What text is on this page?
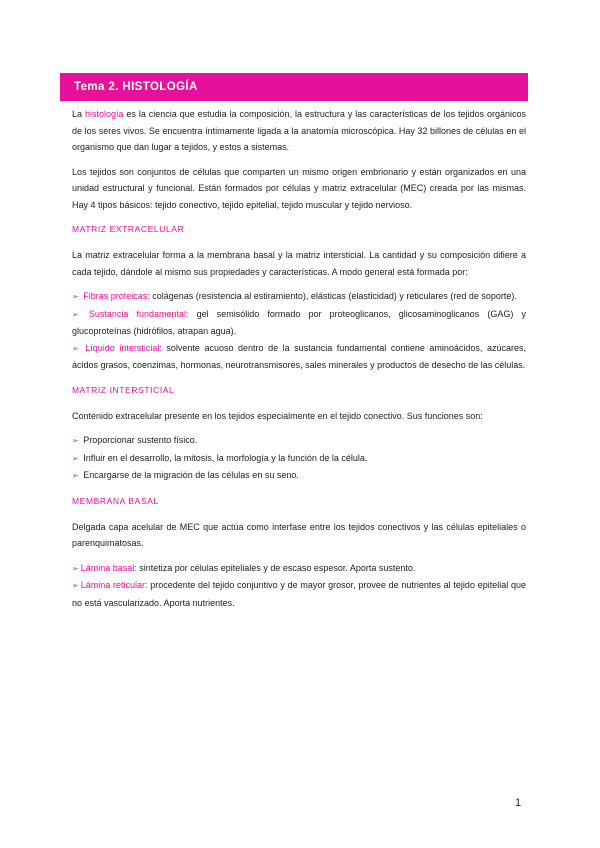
Tema 2. HISTOLOGÍA

La histología es la ciencia que estudia la composición, la estructura y las características de los tejidos orgánicos de los seres vivos. Se encuentra íntimamente ligada a la anatomía microscópica. Hay 32 billones de células en el organismo que dan lugar a tejidos, y estos a sistemas.

Los tejidos son conjuntos de células que comparten un mismo origen embrionario y están organizados en una unidad estructural y funcional. Están formados por células y matriz extracelular (MEC) creada por las mismas. Hay 4 tipos básicos: tejido conectivo, tejido epitelial, tejido muscular y tejido nervioso.

MATRIZ EXTRACELULAR

La matriz extracelular forma a la membrana basal y la matriz intersticial. La cantidad y su composición difiere a cada tejido, dándole al mismo sus propiedades y características. A modo general está formada por:

➢ Fibras proteicas: colágenas (resistencia al estiramiento), elásticas (elasticidad) y reticulares (red de soporte).

➢ Sustancia fundamental: gel semisólido formado por proteoglicanos, glicosaminoglicanos (GAG) y glucoproteínas (hidrófilos, atrapan agua).

➢ Líquido intersticial: solvente acuoso dentro de la sustancia fundamental contiene aminoácidos, azúcares, ácidos grasos, coenzimas, hormonas, neurotransmisores, sales minerales y productos de desecho de las células.

MATRIZ INTERSTICIAL

Contenido extracelular presente en los tejidos especialmente en el tejido conectivo. Sus funciones son:

➢ Proporcionar sustento físico.

➢ Influir en el desarrollo, la mitosis, la morfología y la función de la célula.

➢ Encargarse de la migración de las células en su seno.

MEMBRANA BASAL

Delgada capa acelular de MEC que actúa como interfase entre los tejidos conectivos y las células epiteliales o parenquimatosas.

➢ Lámina basal: sintetiza por células epiteliales y de escaso espesor. Aporta sustento.

➢ Lámina reticular: procedente del tejido conjuntivo y de mayor grosor, provee de nutrientes al tejido epitelial que no está vascularizado. Aporta nutrientes.

1
